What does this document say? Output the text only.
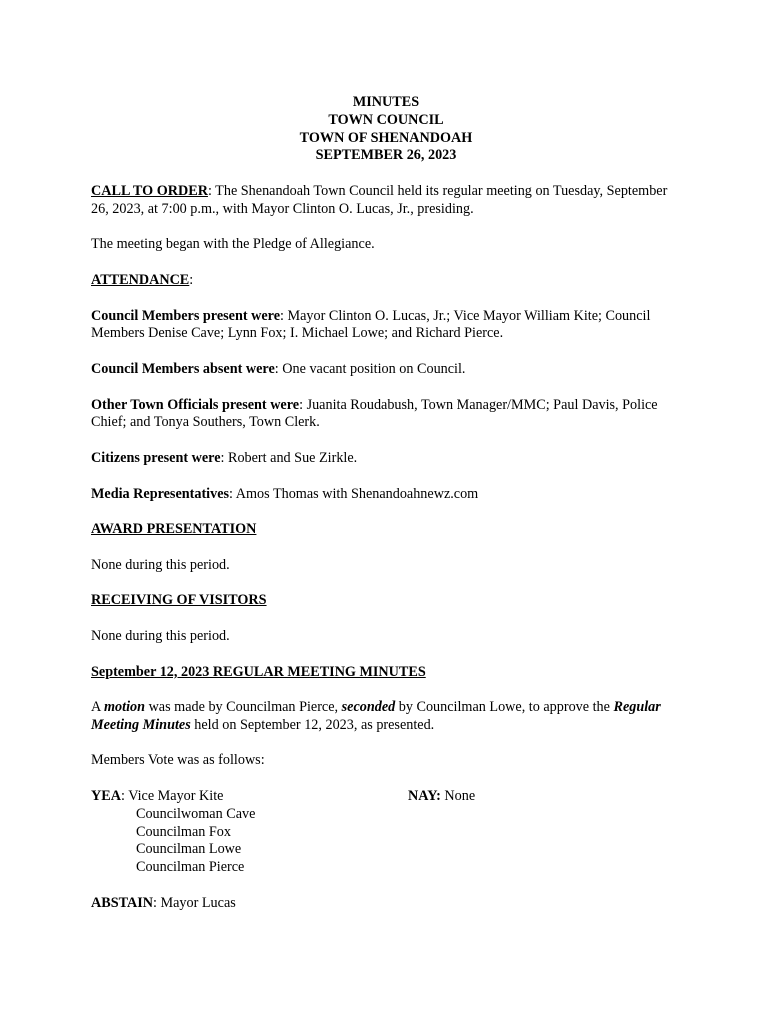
MINUTES
TOWN COUNCIL
TOWN OF SHENANDOAH
SEPTEMBER 26, 2023

CALL TO ORDER: The Shenandoah Town Council held its regular meeting on Tuesday, September 26, 2023, at 7:00 p.m., with Mayor Clinton O. Lucas, Jr., presiding.

The meeting began with the Pledge of Allegiance.

ATTENDANCE:

Council Members present were: Mayor Clinton O. Lucas, Jr.; Vice Mayor William Kite; Council Members Denise Cave; Lynn Fox; I. Michael Lowe; and Richard Pierce.

Council Members absent were: One vacant position on Council.

Other Town Officials present were: Juanita Roudabush, Town Manager/MMC; Paul Davis, Police Chief; and Tonya Southers, Town Clerk.

Citizens present were: Robert and Sue Zirkle.

Media Representatives: Amos Thomas with Shenandoahnewz.com

AWARD PRESENTATION

None during this period.

RECEIVING OF VISITORS

None during this period.

September 12, 2023 REGULAR MEETING MINUTES

A motion was made by Councilman Pierce, seconded by Councilman Lowe, to approve the Regular Meeting Minutes held on September 12, 2023, as presented.

Members Vote was as follows:

YEA: Vice Mayor Kite
Councilwoman Cave
Councilman Fox
Councilman Lowe
Councilman Pierce
NAY: None

ABSTAIN: Mayor Lucas
